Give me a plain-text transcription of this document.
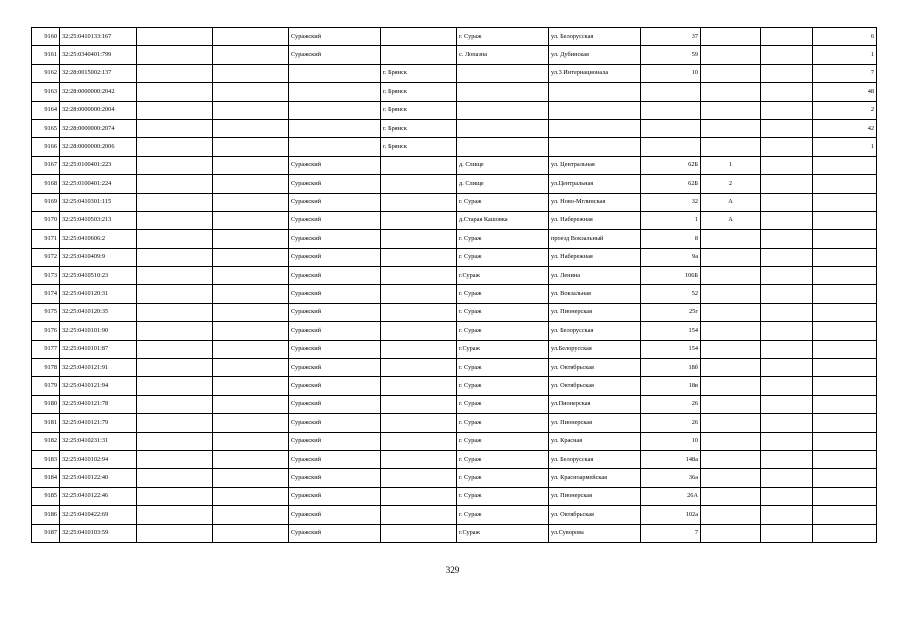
9160	32:25:0410133:167			Суражский		г. Сураж	ул. Белорусская	37			6
9161	32:25:0340401:799			Суражский		с. Лопазна	ул. Дубинская	59			1
9162	32:28:0015002:137				г. Брянск		ул.3 Интернационала	10			7
9163	32:28:0000000:2042				г. Брянск						48
9164	32:28:0000000:2004				г. Брянск						2
9165	32:28:0000000:2074				г. Брянск						42
9166	32:28:0000000:2006				г. Брянск						1
9167	32:25:0100401:223			Суражский		д. Слище	ул. Центральная	62Б	1		
9168	32:25:0100401:224			Суражский		д. Слище	ул.Центральная	62Б	2		
9169	32:25:0410301:115			Суражский		г. Сураж	ул. Ново-Мглинская	32	А		
9170	32:25:0410503:213			Суражский		д.Старая Кашовка	ул. Набережная	1	А		
9171	32:25:0410606:2			Суражский		г. Сураж	проезд Вокзальный	8			
9172	32:25:0410409:9			Суражский		г. Сураж	ул. Набережная	9а			
9173	32:25:0410510:23			Суражский		г.Сураж	ул. Ленина	106Б			
9174	32:25:0410120:31			Суражский		г. Сураж	ул. Вокзальная	52			
9175	32:25:0410120:35			Суражский		г. Сураж	ул. Пионерская	25г			
9176	32:25:0410101:90			Суражский		г. Сураж	ул. Белорусская	154			
9177	32:25:0410101:87			Суражский		г.Сураж	ул.Белорусская	154			
9178	32:25:0410121:91			Суражский		г. Сураж	ул. Октябрьская	18б			
9179	32:25:0410121:94			Суражский		г. Сураж	ул. Октябрьская	18в			
9180	32:25:0410121:78			Суражский		г. Сураж	ул.Пионерская	26			
9181	32:25:0410121:79			Суражский		г. Сураж	ул. Пионерская	26			
9182	32:25:0410231:31			Суражский		г. Сураж	ул. Красная	10			
9183	32:25:0410102:94			Суражский		г. Сураж	ул. Белорусская	148а			
9184	32:25:0410122:40			Суражский		г. Сураж	ул. Красноармейская	36а			
9185	32:25:0410122:46			Суражский		г. Сураж	ул. Пионерская	26А			
9186	32:25:0410422:69			Суражский		г. Сураж	ул. Октябрьская	102а			
9187	32:25:0410103:59			Суражский		г.Сураж	ул.Суворова	7			
329
